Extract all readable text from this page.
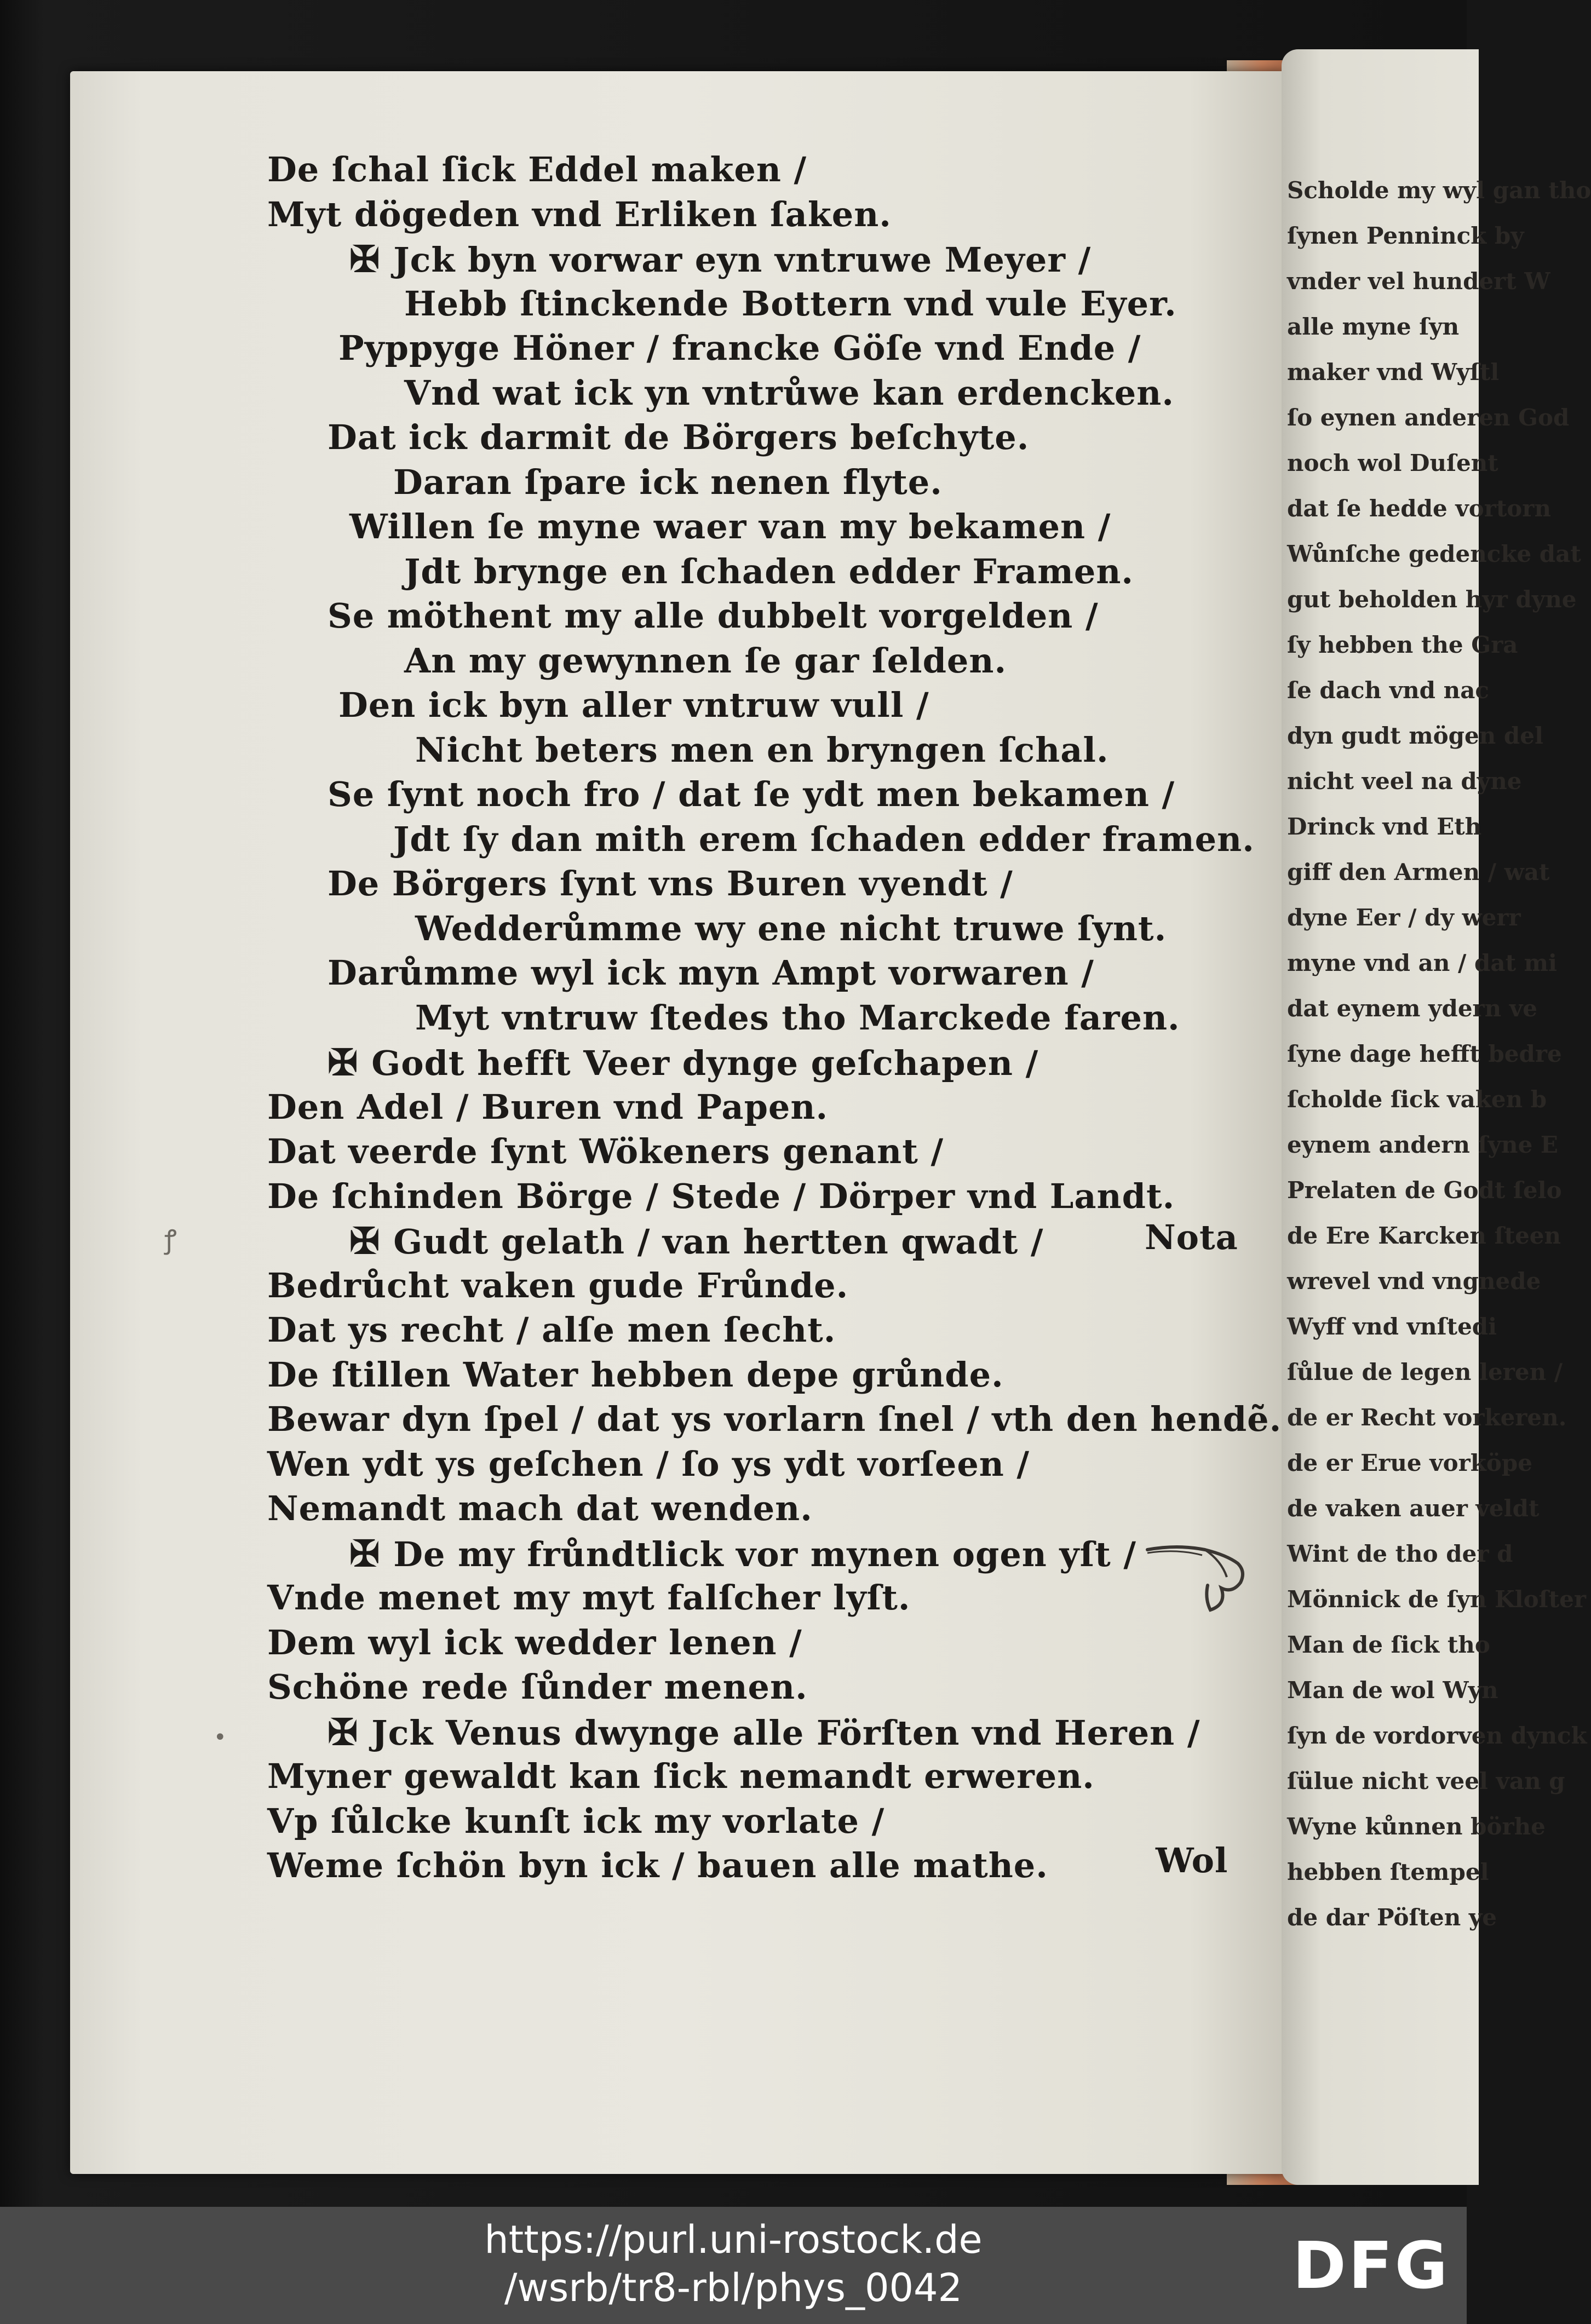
Scholde my wyl gan tho
ſynen Penninck by
vnder vel hundert W
alle myne ſyn
maker vnd Wyſtl
ſo eynen anderen God
noch wol Duſent
dat ſe hedde vortorn
Wůnſche gedencke dat
gut beholden hyr dyne
ſy hebben the Gra
ſe dach vnd nac
dyn gudt mögen del
nicht veel na dyne
Drinck vnd Eth
giff den Armen / wat
dyne Eer / dy werr
myne vnd an / dat mi
dat eynem ydern ve
ſyne dage hefft bedre
ſcholde ſick vaken b
eynem andern ſyne E
Prelaten de Godt ſelo
de Ere Karcken ſteen
wrevel vnd vngnede
Wyff vnd vnſtedi
ſůlue de legen leren /
de er Recht vorkeren.
de er Erue vorköpe
de vaken auer veldt
Wint de tho der d
Mönnick de ſyn Kloſter
Man de ſick tho
Man de wol Wyn
ſyn de vordorven dynck
ſülue nicht veel van g
Wyne kůnnen börhe
hebben ſtempel
de dar Pöſten ye
De ſchal ſick Eddel maken /
Myt dögeden vnd Erliken ſaken.
✠ Jck byn vorwar eyn vntruwe Meyer /
Hebb ſtinckende Bottern vnd vule Eyer.
Pyppyge Höner / francke Göſe vnd Ende /
Vnd wat ick yn vntrůwe kan erdencken.
Dat ick darmit de Börgers beſchyte.
Daran ſpare ick nenen flyte.
Willen ſe myne waer van my bekamen /
Jdt brynge en ſchaden edder Framen.
Se möthent my alle dubbelt vorgelden /
An my gewynnen ſe gar ſelden.
Den ick byn aller vntruw vull /
Nicht beters men en bryngen ſchal.
Se ſynt noch fro / dat ſe ydt men bekamen /
Jdt ſy dan mith erem ſchaden edder framen.
De Börgers ſynt vns Buren vyendt /
Wedderůmme wy ene nicht truwe ſynt.
Darůmme wyl ick myn Ampt vorwaren /
Myt vntruw ſtedes tho Marckede faren.
✠ Godt hefft Veer dynge geſchapen /
Den Adel / Buren vnd Papen.
Dat veerde ſynt Wökeners genant /
De ſchinden Börge / Stede / Dörper vnd Landt.
✠ Gudt gelath / van hertten qwadt /
Bedrůcht vaken gude Frůnde.
Dat ys recht / alſe men ſecht.
De ſtillen Water hebben depe grůnde.
Bewar dyn ſpel / dat ys vorlarn ſnel / vth den hendẽ.
Wen ydt ys geſchen / ſo ys ydt vorſeen /
Nemandt mach dat wenden.
✠ De my frůndtlick vor mynen ogen yſt /
Vnde menet my myt falſcher lyſt.
Dem wyl ick wedder lenen /
Schöne rede ſůnder menen.
✠ Jck Venus dwynge alle Förſten vnd Heren /
Myner gewaldt kan ſick nemandt erweren.
Vp ſůlcke kunſt ick my vorlate /
Weme ſchön byn ick / bauen alle mathe.
Nota
Wol
ꝭ
•
https://purl.uni-rostock.de
/wsrb/tr8-rbl/phys_0042	DFG
